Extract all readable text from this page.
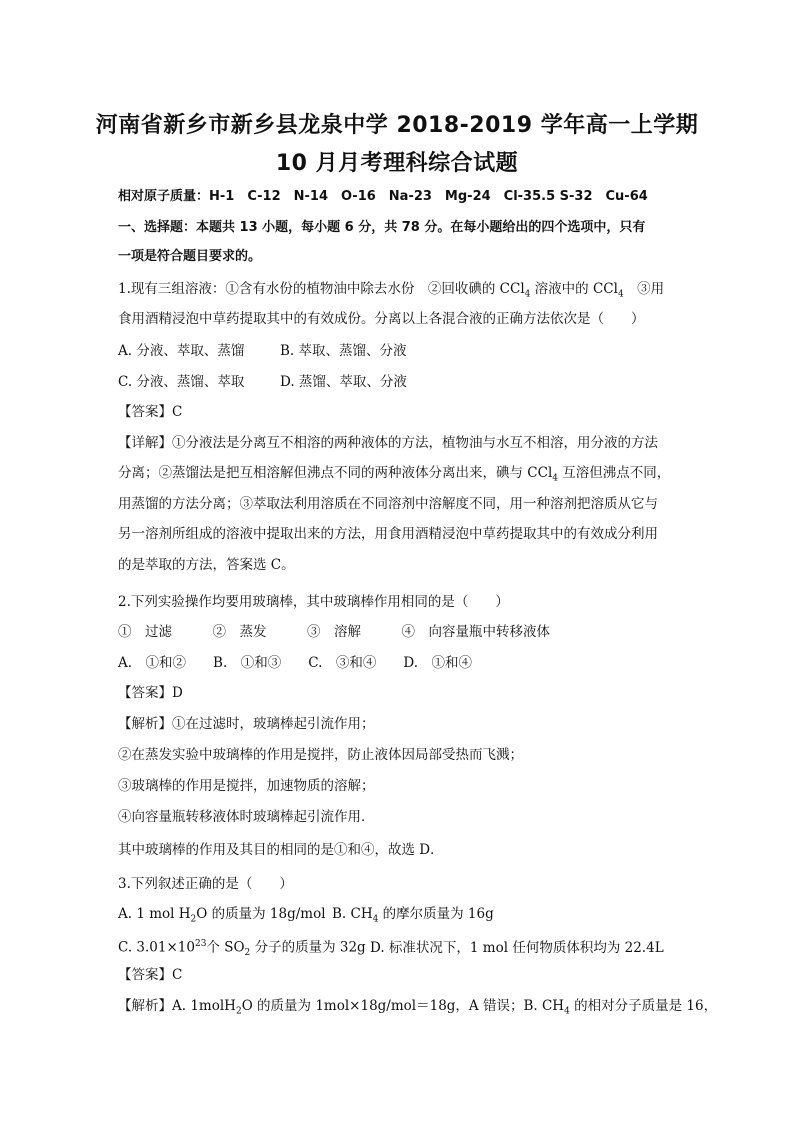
河南省新乡市新乡县龙泉中学 2018-2019 学年高一上学期
10 月月考理科综合试题
相对原子质量：H-1　C-12　N-14　O-16　Na-23　Mg-24　Cl-35.5 S-32　Cu-64
一、选择题：本题共 13 小题，每小题 6 分，共 78 分。在每小题给出的四个选项中，只有
一项是符合题目要求的。
1.现有三组溶液：①含有水份的植物油中除去水份　②回收碘的 CCl$_4$ 溶液中的 CCl$_4$　③用
食用酒精浸泡中草药提取其中的有效成份。分离以上各混合液的正确方法依次是（　　）
A. 分液、萃取、蒸馏	B. 萃取、蒸馏、分液
C. 分液、蒸馏、萃取	D. 蒸馏、萃取、分液
【答案】C
【详解】①分液法是分离互不相溶的两种液体的方法，植物油与水互不相溶，用分液的方法
分离；②蒸馏法是把互相溶解但沸点不同的两种液体分离出来，碘与 CCl$_4$ 互溶但沸点不同，
用蒸馏的方法分离；③萃取法利用溶质在不同溶剂中溶解度不同，用一种溶剂把溶质从它与
另一溶剂所组成的溶液中提取出来的方法，用食用酒精浸泡中草药提取其中的有效成分利用
的是萃取的方法，答案选 C。
2.下列实验操作均要用玻璃棒，其中玻璃棒作用相同的是（　　）
①　过滤　　　②　蒸发　　　③　溶解　　　④　向容量瓶中转移液体
A.　①和②　　B.　①和③　　C.　③和④　　D.　①和④
【答案】D
【解析】①在过滤时，玻璃棒起引流作用；
②在蒸发实验中玻璃棒的作用是搅拌，防止液体因局部受热而飞溅；
③玻璃棒的作用是搅拌，加速物质的溶解；
④向容量瓶转移液体时玻璃棒起引流作用．
其中玻璃棒的作用及其目的相同的是①和④，故选 D．
3.下列叙述正确的是（　　）
A. 1 mol $H_2O$ 的质量为 18g/mol B. $CH_4$ 的摩尔质量为 16g
C. $3.01\times 10^{23}$个 $SO_2$ 分子的质量为 32g D. 标准状况下，1 mol 任何物质体积均为 22.4L
【答案】C
【解析】A. 1molH$_2$O 的质量为 1mol×18g/mol＝18g，A 错误；B. $CH_4$ 的相对分子质量是 16，
